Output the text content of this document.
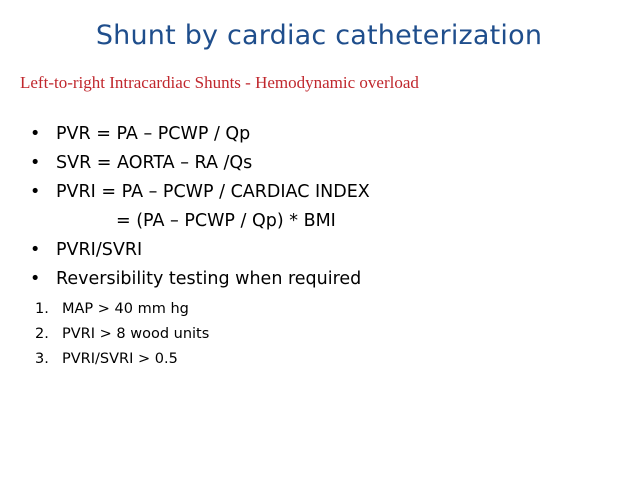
Shunt by cardiac catheterization
Left-to-right Intracardiac Shunts - Hemodynamic overload
• PVR = PA – PCWP / Qp
• SVR = AORTA – RA /Qs
• PVRI = PA – PCWP / CARDIAC INDEX
= (PA – PCWP / Qp) * BMI
• PVRI/SVRI
• Reversibility testing when required
1. MAP > 40 mm hg
2. PVRI > 8 wood units
3. PVRI/SVRI > 0.5
